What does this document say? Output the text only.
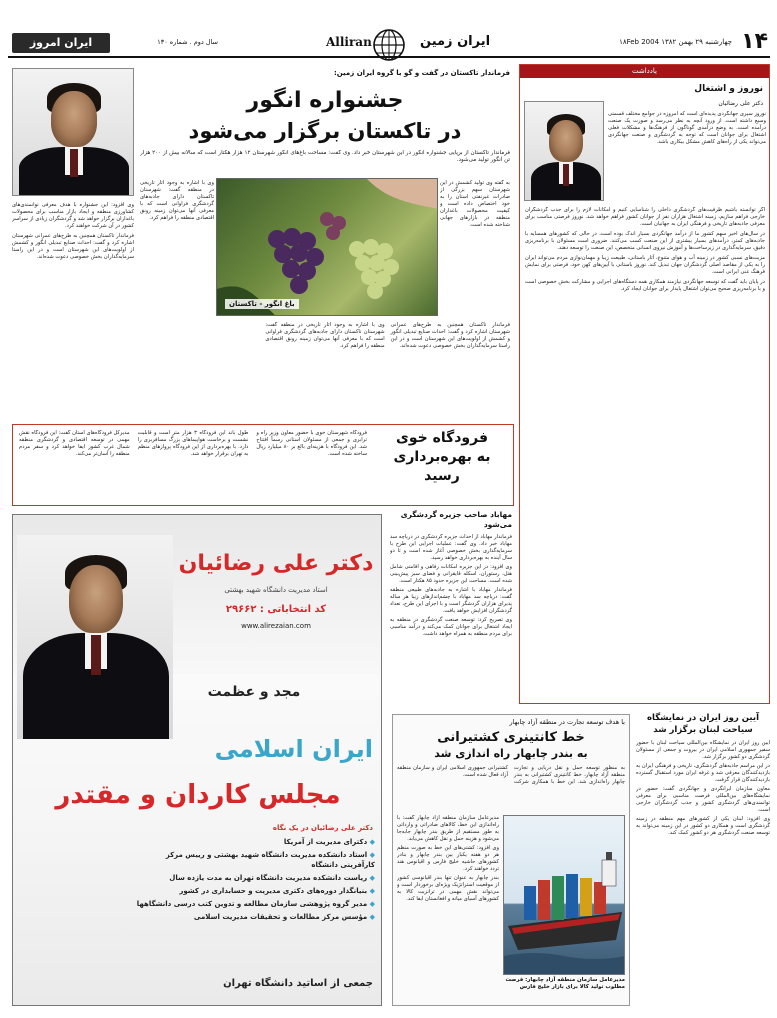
۱۴
چهارشنبه ۲۹ بهمن ۱۳۸۲ ۱۸Feb 2004
ایران زمین
Alliran
سال دوم . شماره ۱۳۰
ایران امروز
یادداشت
نوروز و اشتغال
دکتر علی رضائیان

نوروز سپری جهانگردی پدیده‌ای است که امروزه در جوامع مختلف قسمتی وسیع داشته است. از ورود آنچه به نظر می‌رسد و صورت یک صنعت درآمده است. به وضع درآمدی گوناگون از فرهنگ‌ها و مشکلات فعلی اشتغال برای جوانان است که توجه به گردشگری و صنعت جهانگردی می‌تواند یکی از راه‌های کاهش مشکل بیکاری باشد.

اگر توانسته باشیم ظرفیت‌های گردشگری داخلی را شناسایی کنیم و امکانات لازم را برای جذب گردشگران خارجی فراهم سازیم، زمینه اشتغال هزاران نفر از جوانان کشور فراهم خواهد شد. نوروز فرصتی مناسب برای معرفی جاذبه‌های تاریخی و فرهنگی ایران به جهانیان است.

در سال‌های اخیر سهم کشور ما از درآمد جهانگردی بسیار اندک بوده است، در حالی که کشورهای همسایه با جاذبه‌های کمتر، درآمدهای بسیار بیشتری از این صنعت کسب می‌کنند. ضروری است مسئولان با برنامه‌ریزی دقیق، سرمایه‌گذاری در زیرساخت‌ها و آموزش نیروی انسانی متخصص، این صنعت را توسعه دهند.

مزیت‌های نسبی کشور در زمینه آب و هوای متنوع، آثار باستانی، طبیعت زیبا و مهمان‌نوازی مردم می‌تواند ایران را به یکی از مقاصد اصلی گردشگران جهان تبدیل کند. نوروز باستانی با آیین‌های کهن خود، فرصتی برای نمایش فرهنگ غنی ایرانی است.

در پایان باید گفت که توسعه جهانگردی نیازمند همکاری همه دستگاه‌های اجرایی و مشارکت بخش خصوصی است و با برنامه‌ریزی صحیح می‌توان اشتغال پایدار برای جوانان ایجاد کرد.

فرماندار تاکستان در گفت و گو با گروه ایران زمین:
جشنواره انگور
در تاکستان برگزار می‌شود

وی افزود: این جشنواره با هدف معرفی توانمندی‌های کشاورزی منطقه و ایجاد بازار مناسب برای محصولات باغداران برگزار خواهد شد و گردشگران زیادی از سراسر کشور در آن شرکت خواهند کرد.

فرماندار تاکستان همچنین به طرح‌های عمرانی شهرستان اشاره کرد و گفت: احداث صنایع تبدیلی انگور و کشمش از اولویت‌های این شهرستان است و در این راستا سرمایه‌گذاران بخش خصوصی دعوت شده‌اند.

فرماندار تاکستان از برپایی جشنواره انگور در این شهرستان خبر داد. وی گفت: مساحت باغ‌های انگور شهرستان ۱۲ هزار هکتار است که سالانه بیش از ۲۰۰ هزار تن انگور تولید می‌شود.

باغ انگور - تاکستان

وی با اشاره به وجود آثار تاریخی در منطقه گفت: شهرستان تاکستان دارای جاذبه‌های گردشگری فراوانی است که با معرفی آنها می‌توان زمینه رونق اقتصادی منطقه را فراهم کرد.

به گفته وی تولید کشمش در این شهرستان سهم بزرگی از صادرات غیرنفتی استان را به خود اختصاص داده است و کیفیت محصولات باغداران منطقه در بازارهای جهانی شناخته شده است.

فرماندار تاکستان همچنین به طرح‌های عمرانی شهرستان اشاره کرد و گفت: احداث صنایع تبدیلی انگور و کشمش از اولویت‌های این شهرستان است و در این راستا سرمایه‌گذاران بخش خصوصی دعوت شده‌اند.

وی با اشاره به وجود آثار تاریخی در منطقه گفت: شهرستان تاکستان دارای جاذبه‌های گردشگری فراوانی است که با معرفی آنها می‌توان زمینه رونق اقتصادی منطقه را فراهم کرد.

فرودگاه خوی
به بهره‌برداری
رسید

فرودگاه شهرستان خوی با حضور معاون وزیر راه و ترابری و جمعی از مسئولان استانی رسماً افتتاح شد. این فرودگاه با هزینه‌ای بالغ بر ۸۰ میلیارد ریال ساخته شده است.

طول باند این فرودگاه ۳ هزار متر است و قابلیت نشست و برخاست هواپیماهای بزرگ مسافربری را دارد. با بهره‌برداری از این فرودگاه پروازهای منظم به تهران برقرار خواهد شد.

مدیرکل فرودگاه‌های استان گفت: این فرودگاه نقش مهمی در توسعه اقتصادی و گردشگری منطقه شمال غرب کشور ایفا خواهد کرد و سفر مردم منطقه را آسان‌تر می‌کند.

دکتر علی رضائیان
استاد مدیریت دانشگاه شهید بهشتی
کد انتخاباتی : ۲۹۶۶۲
www.alirezaian.com
مجد و عظمت
ایران اسلامی
مجلس کاردان و مقتدر
دکتر علی رضائیان در یک نگاه
◆ دکترای مدیریت از آمریکا
◆ استاد دانشکده مدیریت دانشگاه شهید بهشتی و رییس مرکز کارآفرینی دانشگاه
◆ ریاست دانشکده مدیریت دانشگاه تهران به مدت یازده سال
◆ بنیانگذار دوره‌های دکتری مدیریت و حسابداری در کشور
◆ مدیر گروه پژوهشی سازمان مطالعه و تدوین کتب درسی دانشگاهها
◆ مؤسس مرکز مطالعات و تحقیقات مدیریت اسلامی
جمعی از اساتید دانشگاه تهران
مهاباد صاحب جزیره گردشگری می‌شود

فرماندار مهاباد از احداث جزیره گردشگری در دریاچه سد مهاباد خبر داد. وی گفت: عملیات اجرایی این طرح با سرمایه‌گذاری بخش خصوصی آغاز شده است و تا دو سال آینده به بهره‌برداری خواهد رسید.

وی افزود: در این جزیره امکانات رفاهی و اقامتی شامل هتل، رستوران، اسکله قایقرانی و فضای سبز پیش‌بینی شده است. مساحت این جزیره حدود ۸۵ هکتار است.

فرماندار مهاباد با اشاره به جاذبه‌های طبیعی منطقه گفت: دریاچه سد مهاباد با چشم‌اندازهای زیبا هر ساله پذیرای هزاران گردشگر است و با اجرای این طرح، تعداد گردشگران افزایش خواهد یافت.

وی تصریح کرد: توسعه صنعت گردشگری در منطقه به ایجاد اشتغال برای جوانان کمک می‌کند و درآمد مناسبی برای مردم منطقه به همراه خواهد داشت.

با هدف توسعه تجارت در منطقه آزاد چابهار
خط کانتینری کشتیرانی
به بندر چابهار راه اندازی شد

به منظور توسعه حمل و نقل دریایی و تجارت منطقه آزاد چابهار، خط کانتینری کشتیرانی به بندر چابهار راه‌اندازی شد. این خط با همکاری شرکت کشتیرانی جمهوری اسلامی ایران و سازمان منطقه آزاد فعال شده است.

مدیرعامل سازمان منطقه آزاد چابهار گفت: با راه‌اندازی این خط، کالاهای صادراتی و وارداتی به طور مستقیم از طریق بندر چابهار جابه‌جا می‌شود و هزینه حمل و نقل کاهش می‌یابد.

وی افزود: کشتی‌های این خط به صورت منظم هر دو هفته یکبار بین بندر چابهار و بنادر کشورهای حاشیه خلیج فارس و اقیانوس هند تردد خواهند کرد.

بندر چابهار به عنوان تنها بندر اقیانوسی کشور از موقعیت استراتژیک ویژه‌ای برخوردار است و می‌تواند نقش مهمی در ترانزیت کالا به کشورهای آسیای میانه و افغانستان ایفا کند.

مدیرعامل سازمان منطقه آزاد چابهار: فرصت مطلوب تولید کالا برای بازار خلیج فارس
آیین روز ایران در نمایشگاه
سیاحت لبنان برگزار شد

آیین روز ایران در نمایشگاه بین‌المللی سیاحت لبنان با حضور سفیر جمهوری اسلامی ایران در بیروت و جمعی از مسئولان گردشگری دو کشور برگزار شد.

در این مراسم جاذبه‌های گردشگری، تاریخی و فرهنگی ایران به بازدیدکنندگان معرفی شد و غرفه ایران مورد استقبال گسترده بازدیدکنندگان قرار گرفت.

معاون سازمان ایرانگردی و جهانگردی گفت: حضور در نمایشگاه‌های بین‌المللی فرصت مناسبی برای معرفی توانمندی‌های گردشگری کشور و جذب گردشگران خارجی است.

وی افزود: لبنان یکی از کشورهای مهم منطقه در زمینه گردشگری است و همکاری دو کشور در این زمینه می‌تواند به توسعه صنعت گردشگری هر دو کشور کمک کند.
